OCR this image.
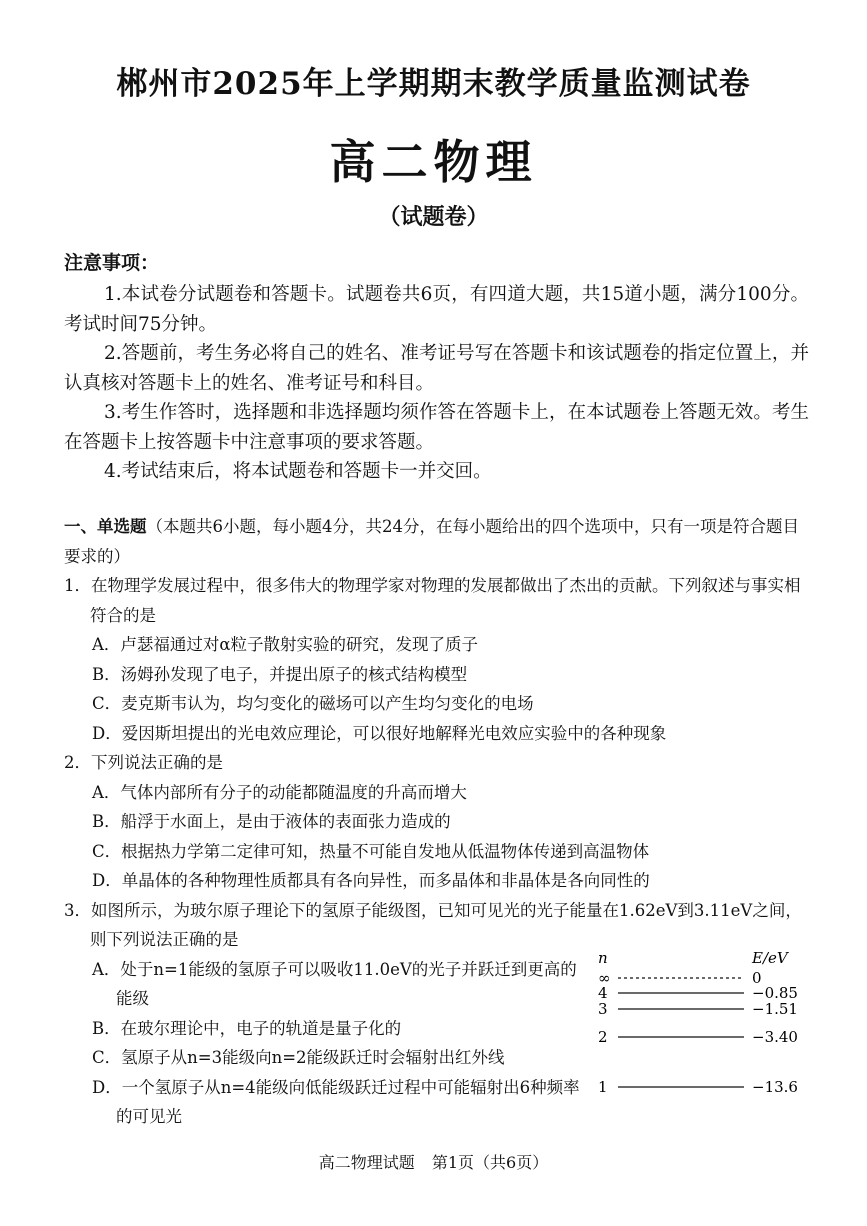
郴州市2025年上学期期末教学质量监测试卷
高二物理
（试题卷）
注意事项：

1.本试卷分试题卷和答题卡。试题卷共6页，有四道大题，共15道小题，满分100分。考试时间75分钟。

2.答题前，考生务必将自己的姓名、准考证号写在答题卡和该试题卷的指定位置上，并认真核对答题卡上的姓名、准考证号和科目。

3.考生作答时，选择题和非选择题均须作答在答题卡上，在本试题卷上答题无效。考生在答题卡上按答题卡中注意事项的要求答题。

4.考试结束后，将本试题卷和答题卡一并交回。

一、单选题（本题共6小题，每小题4分，共24分，在每小题给出的四个选项中，只有一项是符合题目要求的）

1．在物理学发展过程中，很多伟大的物理学家对物理的发展都做出了杰出的贡献。下列叙述与事实相符合的是

A．卢瑟福通过对α粒子散射实验的研究，发现了质子

B．汤姆孙发现了电子，并提出原子的核式结构模型

C．麦克斯韦认为，均匀变化的磁场可以产生均匀变化的电场

D．爱因斯坦提出的光电效应理论，可以很好地解释光电效应实验中的各种现象

2．下列说法正确的是

A．气体内部所有分子的动能都随温度的升高而增大

B．船浮于水面上，是由于液体的表面张力造成的

C．根据热力学第二定律可知，热量不可能自发地从低温物体传递到高温物体

D．单晶体的各种物理性质都具有各向异性，而多晶体和非晶体是各向同性的

3．如图所示，为玻尔原子理论下的氢原子能级图，已知可见光的光子能量在1.62eV到3.11eV之间，则下列说法正确的是

A．处于n=1能级的氢原子可以吸收11.0eV的光子并跃迁到更高的能级

B．在玻尔理论中，电子的轨道是量子化的

C．氢原子从n=3能级向n=2能级跃迁时会辐射出红外线

D．一个氢原子从n=4能级向低能级跃迁过程中可能辐射出6种频率的可见光

n	E/eV
∞	0
4	−0.85
3	−1.51
2	−3.40
1	−13.6
高二物理试题 第1页（共6页）
